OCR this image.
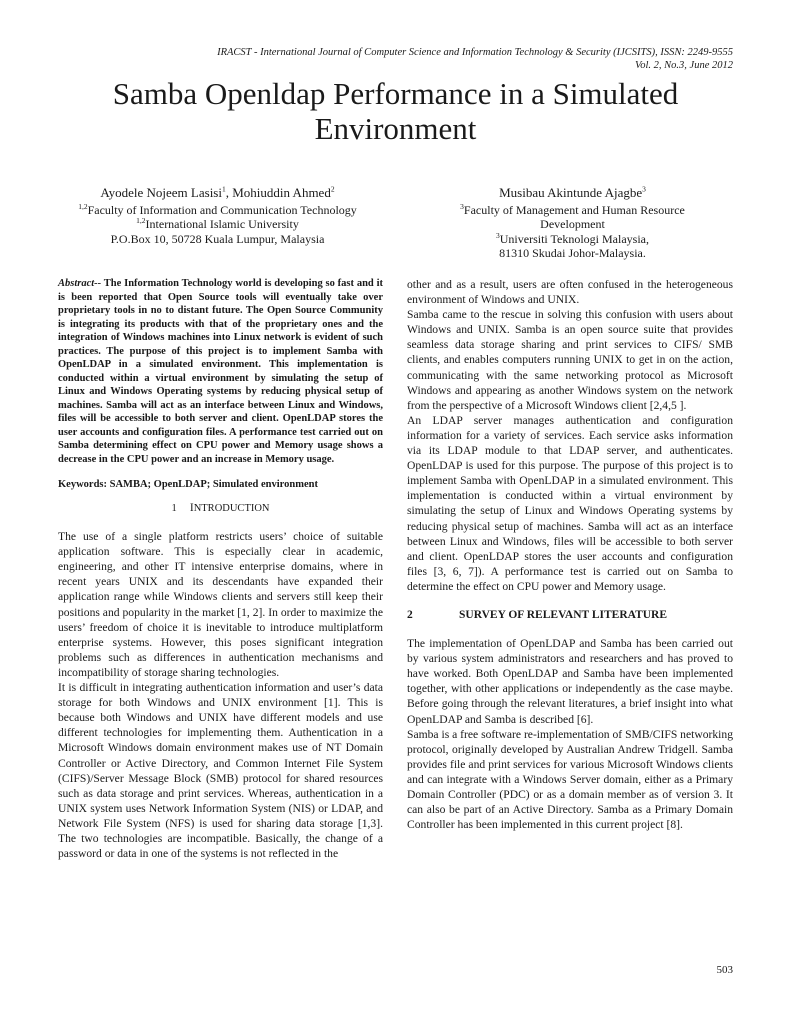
IRACST - International Journal of Computer Science and Information Technology & Security (IJCSITS), ISSN: 2249-9555
Vol. 2, No.3, June 2012
Samba Openldap Performance in a Simulated
Environment
Ayodele Nojeem Lasisi$^1$, Mohiuddin Ahmed$^2$
$^{1,2}$Faculty of Information and Communication Technology
$^{1,2}$International Islamic University
P.O.Box 10, 50728 Kuala Lumpur, Malaysia
Musibau Akintunde Ajagbe$^3$
$^3$Faculty of Management and Human Resource
Development
$^3$Universiti Teknologi Malaysia,
81310 Skudai Johor-Malaysia.

Abstract-- The Information Technology world is developing so fast and it is been reported that Open Source tools will eventually take over proprietary tools in no to distant future. The Open Source Community is integrating its products with that of the proprietary ones and the integration of Windows machines into Linux network is evident of such practices. The purpose of this project is to implement Samba with OpenLDAP in a simulated environment. This implementation is conducted within a virtual environment by simulating the setup of Linux and Windows Operating systems by reducing physical setup of machines. Samba will act as an interface between Linux and Windows, files will be accessible to both server and client. OpenLDAP stores the user accounts and configuration files. A performance test carried out on Samba determining effect on CPU power and Memory usage shows a decrease in the CPU power and an increase in Memory usage.

Keywords: SAMBA; OpenLDAP; Simulated environment

1 INTRODUCTION

The use of a single platform restricts users’ choice of suitable application software. This is especially clear in academic, engineering, and other IT intensive enterprise domains, where in recent years UNIX and its descendants have expanded their application range while Windows clients and servers still keep their positions and popularity in the market [1, 2]. In order to maximize the users’ freedom of choice it is inevitable to introduce multiplatform enterprise systems. However, this poses significant integration problems such as differences in authentication mechanisms and incompatibility of storage sharing technologies.

It is difficult in integrating authentication information and user’s data storage for both Windows and UNIX environment [1]. This is because both Windows and UNIX have different models and use different technologies for implementing them. Authentication in a Microsoft Windows domain environment makes use of NT Domain Controller or Active Directory, and Common Internet File System (CIFS)/Server Message Block (SMB) protocol for shared resources such as data storage and print services. Whereas, authentication in a UNIX system uses Network Information System (NIS) or LDAP, and Network File System (NFS) is used for sharing data storage [1,3]. The two technologies are incompatible. Basically, the change of a password or data in one of the systems is not reflected in the

other and as a result, users are often confused in the heterogeneous environment of Windows and UNIX.

Samba came to the rescue in solving this confusion with users about Windows and UNIX. Samba is an open source suite that provides seamless data storage sharing and print services to CIFS/ SMB clients, and enables computers running UNIX to get in on the action, communicating with the same networking protocol as Microsoft Windows and appearing as another Windows system on the network from the perspective of a Microsoft Windows client [2,4,5 ].

An LDAP server manages authentication and configuration information for a variety of services. Each service asks information via its LDAP module to that LDAP server, and authenticates. OpenLDAP is used for this purpose. The purpose of this project is to implement Samba with OpenLDAP in a simulated environment. This implementation is conducted within a virtual environment by simulating the setup of Linux and Windows Operating systems by reducing physical setup of machines. Samba will act as an interface between Linux and Windows, files will be accessible to both server and client. OpenLDAP stores the user accounts and configuration files [3, 6, 7]). A performance test is carried out on Samba to determine the effect on CPU power and Memory usage.

2	SURVEY OF RELEVANT LITERATURE

The implementation of OpenLDAP and Samba has been carried out by various system administrators and researchers and has proved to have worked. Both OpenLDAP and Samba have been implemented together, with other applications or independently as the case maybe. Before going through the relevant literatures, a brief insight into what OpenLDAP and Samba is described [6].

Samba is a free software re-implementation of SMB/CIFS networking protocol, originally developed by Australian Andrew Tridgell. Samba provides file and print services for various Microsoft Windows clients and can integrate with a Windows Server domain, either as a Primary Domain Controller (PDC) or as a domain member as of version 3. It can also be part of an Active Directory. Samba as a Primary Domain Controller has been implemented in this current project [8].

503
